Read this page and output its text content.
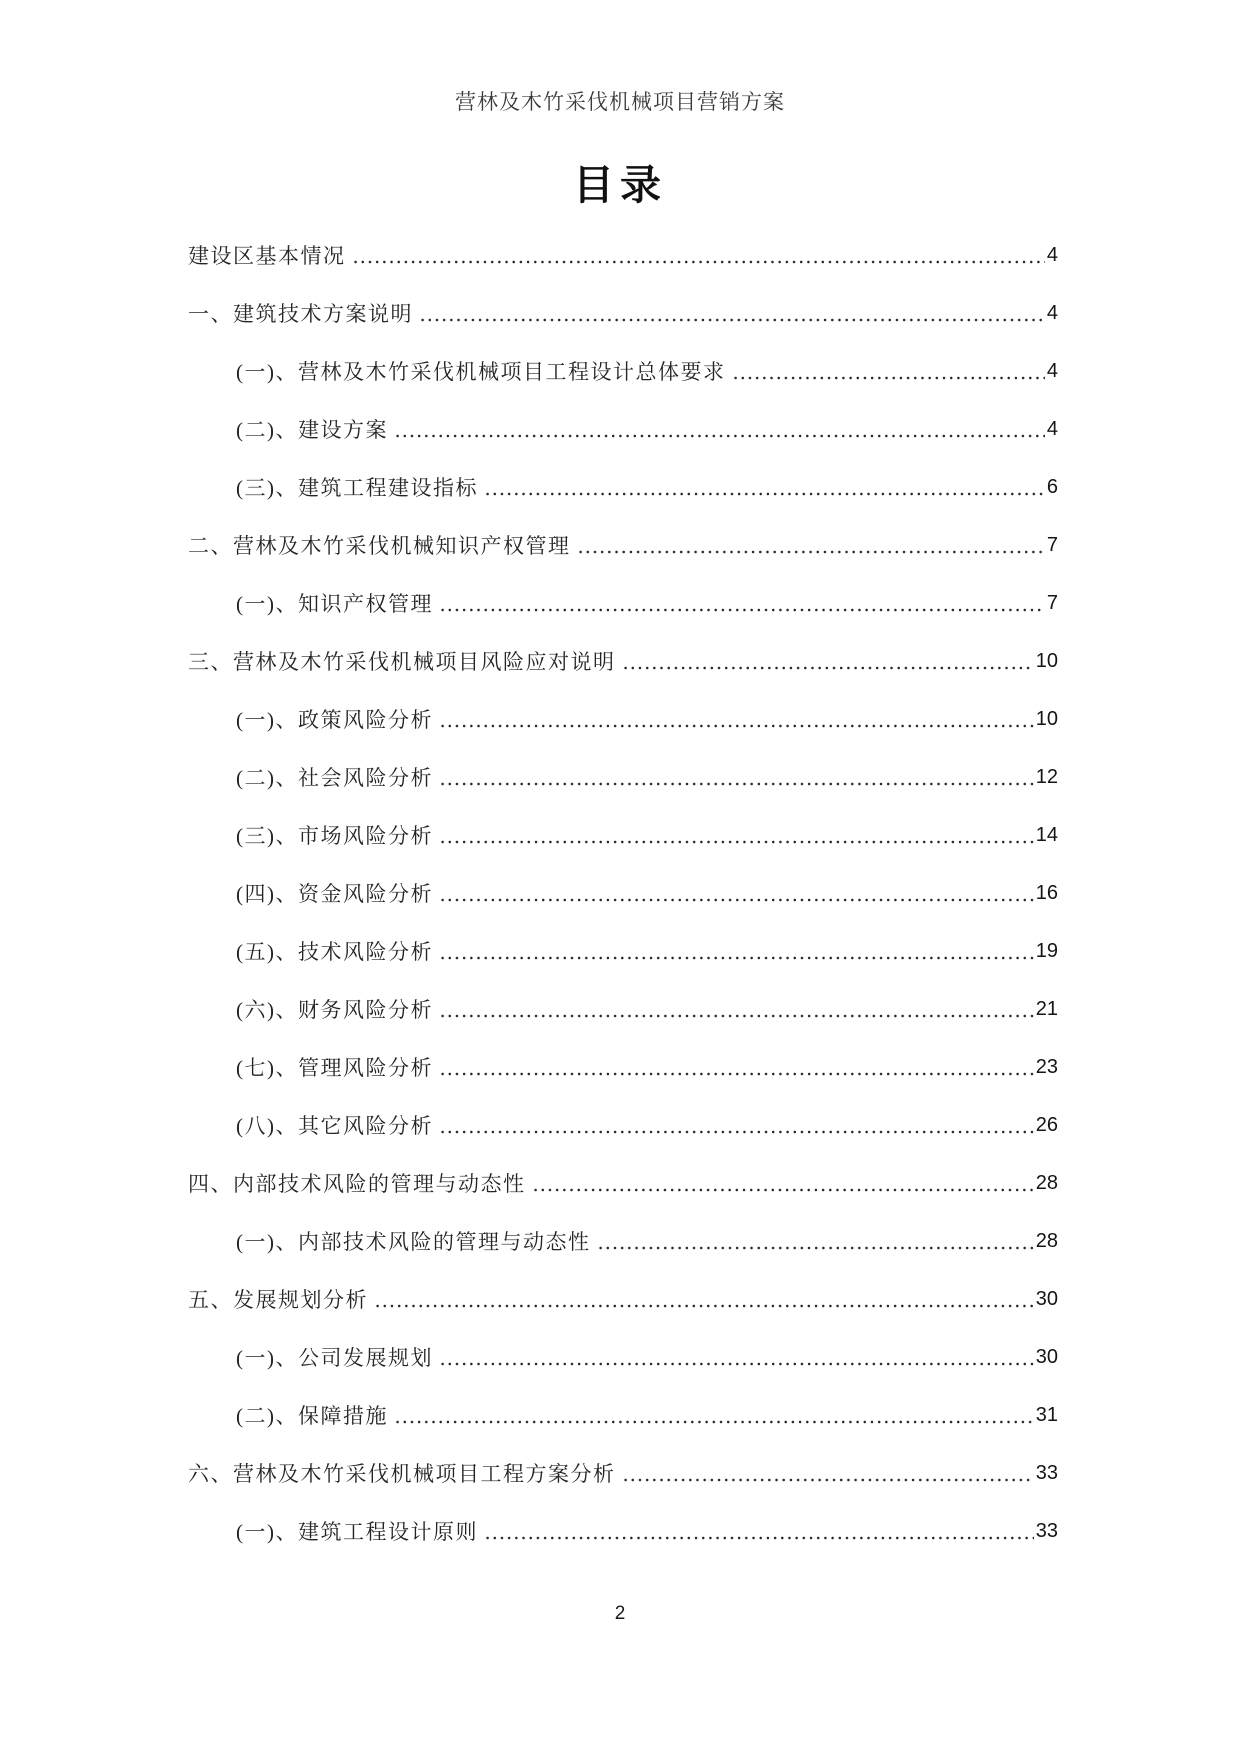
营林及木竹采伐机械项目营销方案
目录
建设区基本情况	4
一、建筑技术方案说明	4
(一)、营林及木竹采伐机械项目工程设计总体要求	4
(二)、建设方案	4
(三)、建筑工程建设指标	6
二、营林及木竹采伐机械知识产权管理	7
(一)、知识产权管理	7
三、营林及木竹采伐机械项目风险应对说明	10
(一)、政策风险分析	10
(二)、社会风险分析	12
(三)、市场风险分析	14
(四)、资金风险分析	16
(五)、技术风险分析	19
(六)、财务风险分析	21
(七)、管理风险分析	23
(八)、其它风险分析	26
四、内部技术风险的管理与动态性	28
(一)、内部技术风险的管理与动态性	28
五、发展规划分析	30
(一)、公司发展规划	30
(二)、保障措施	31
六、营林及木竹采伐机械项目工程方案分析	33
(一)、建筑工程设计原则	33
2
